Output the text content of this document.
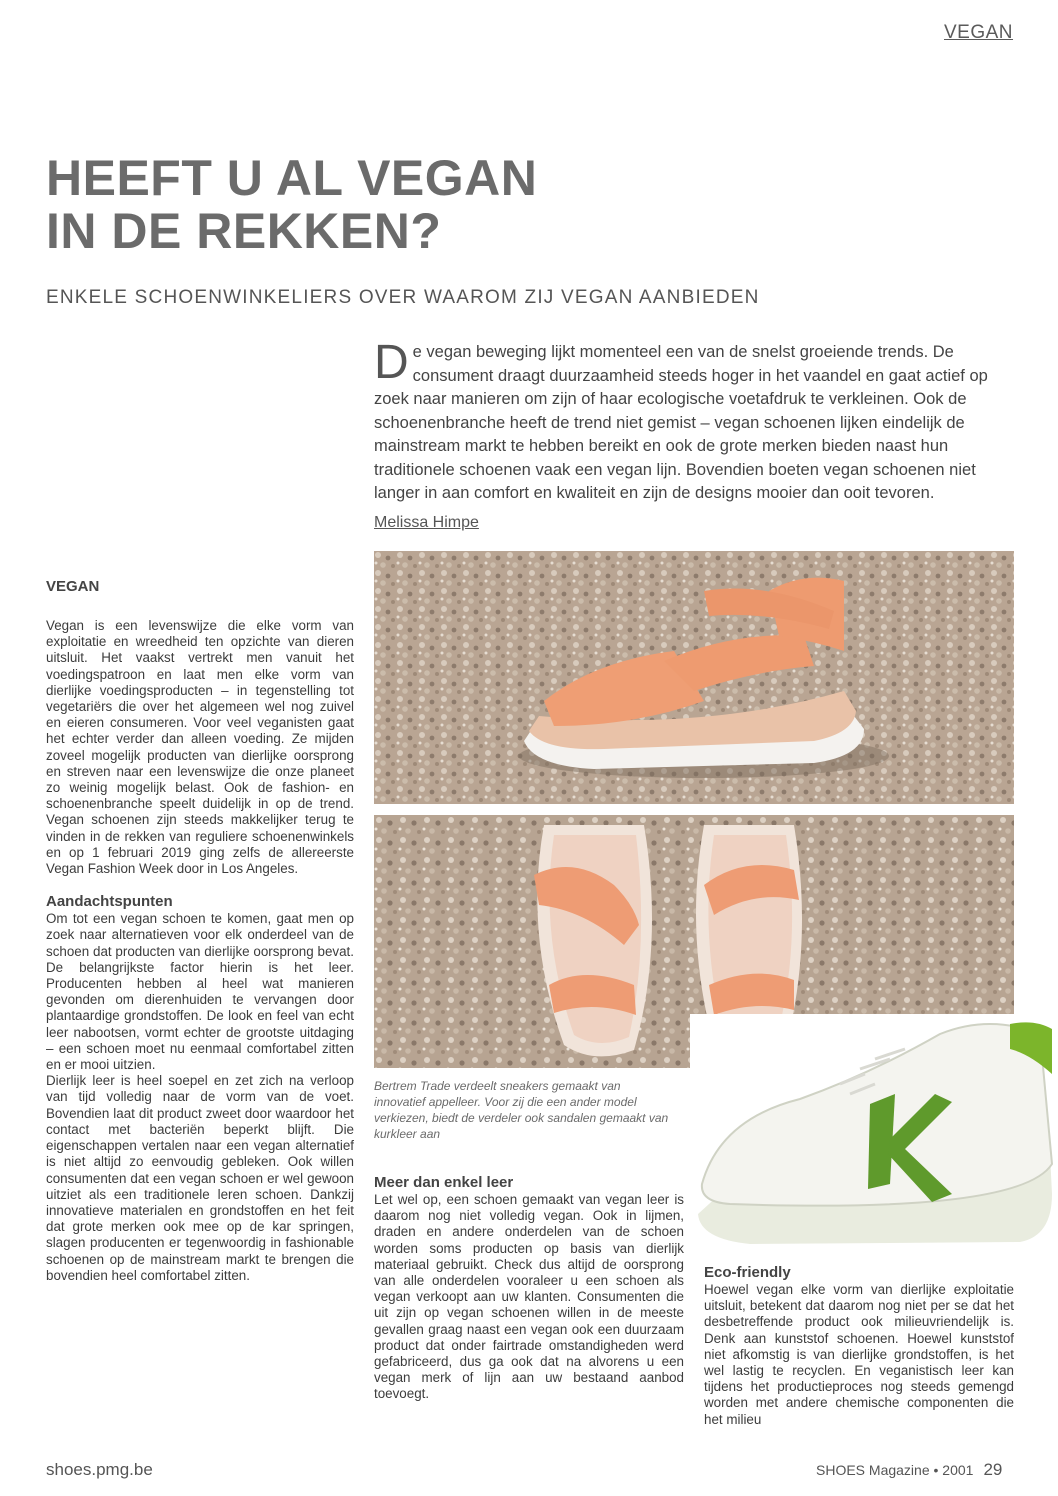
VEGAN
HEEFT U AL VEGAN
IN DE REKKEN?
ENKELE SCHOENWINKELIERS OVER WAAROM ZIJ VEGAN AANBIEDEN

De vegan beweging lijkt momenteel een van de snelst groeiende trends. De consument draagt duurzaamheid steeds hoger in het vaandel en gaat actief op zoek naar manieren om zijn of haar ecologische voetafdruk te verkleinen. Ook de schoenenbranche heeft de trend niet gemist – vegan schoenen lijken eindelijk de mainstream markt te hebben bereikt en ook de grote merken bieden naast hun traditionele schoenen vaak een vegan lijn. Bovendien boeten vegan schoenen niet langer in aan comfort en kwaliteit en zijn de designs mooier dan ooit tevoren.

Melissa Himpe
VEGAN

Vegan is een levenswijze die elke vorm van exploitatie en wreedheid ten opzichte van dieren uitsluit. Het vaakst vertrekt men vanuit het voedingspatroon en laat men elke vorm van dierlijke voedingsproducten – in tegenstelling tot vegetariërs die over het algemeen wel nog zuivel en eieren consumeren. Voor veel veganisten gaat het echter verder dan alleen voeding. Ze mijden zoveel mogelijk producten van dierlijke oorsprong en streven naar een levenswijze die onze planeet zo weinig mogelijk belast. Ook de fashion- en schoenenbranche speelt duidelijk in op de trend. Vegan schoenen zijn steeds makkelijker terug te vinden in de rekken van reguliere schoenenwinkels en op 1 februari 2019 ging zelfs de allereerste Vegan Fashion Week door in Los Angeles.

Aandachtspunten

Om tot een vegan schoen te komen, gaat men op zoek naar alternatieven voor elk onderdeel van de schoen dat producten van dierlijke oorsprong bevat. De belangrijkste factor hierin is het leer. Producenten hebben al heel wat manieren gevonden om dierenhuiden te vervangen door plantaardige grondstoffen. De look en feel van echt leer nabootsen, vormt echter de grootste uitdaging – een schoen moet nu eenmaal comfortabel zitten en er mooi uitzien.

Dierlijk leer is heel soepel en zet zich na verloop van tijd volledig naar de vorm van de voet. Bovendien laat dit product zweet door waardoor het contact met bacteriën beperkt blijft. Die eigenschappen vertalen naar een vegan alternatief is niet altijd zo eenvoudig gebleken. Ook willen consumenten dat een vegan schoen er wel gewoon uitziet als een traditionele leren schoen. Dankzij innovatieve materialen en grondstoffen en het feit dat grote merken ook mee op de kar springen, slagen producenten er tegenwoordig in fashionable schoenen op de mainstream markt te brengen die bovendien heel comfortabel zitten.

Bertrem Trade verdeelt sneakers gemaakt van innovatief appelleer. Voor zij die een ander model verkiezen, biedt de verdeler ook sandalen gemaakt van kurkleer aan

Meer dan enkel leer

Let wel op, een schoen gemaakt van vegan leer is daarom nog niet volledig vegan. Ook in lijmen, draden en andere onderdelen van de schoen worden soms producten op basis van dierlijk materiaal gebruikt. Check dus altijd de oorsprong van alle onderdelen vooraleer u een schoen als vegan verkoopt aan uw klanten. Consumenten die uit zijn op vegan schoenen willen in de meeste gevallen graag naast een vegan ook een duurzaam product dat onder fairtrade omstandigheden werd gefabriceerd, dus ga ook dat na alvorens u een vegan merk of lijn aan uw bestaand aanbod toevoegt.

Eco-friendly

Hoewel vegan elke vorm van dierlijke exploitatie uitsluit, betekent dat daarom nog niet per se dat het desbetreffende product ook milieuvriendelijk is. Denk aan kunststof schoenen. Hoewel kunststof niet afkomstig is van dierlijke grondstoffen, is het wel lastig te recyclen. En veganistisch leer kan tijdens het productieproces nog steeds gemengd worden met andere chemische componenten die het milieu

shoes.pmg.be	SHOES Magazine • 2001 29
